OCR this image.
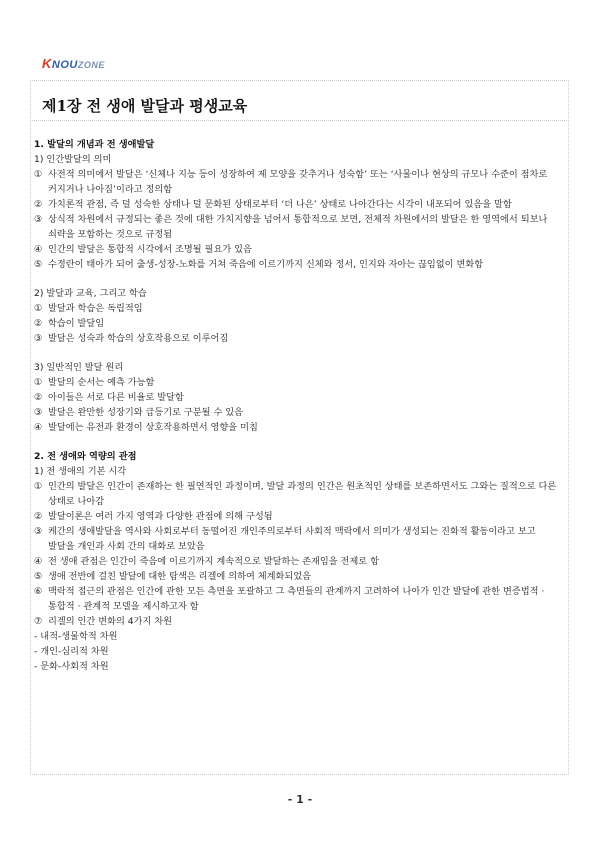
KNOUZONE
제1장 전 생애 발달과 평생교육
1. 발달의 개념과 전 생애발달
1) 인간발달의 의미
① 사전적 의미에서 발달은 ‘신체나 지능 등이 성장하여 제 모양을 갖추거나 성숙함’ 또는 ‘사물이나 현상의 규모나 수준이 점차로 커지거나 나아짐’이라고 정의함
② 가치론적 관점, 즉 덜 성숙한 상태나 덜 문화된 상태로부터 ‘더 나은’ 상태로 나아간다는 시각이 내포되어 있음을 말함
③ 상식적 차원에서 규정되는 좋은 것에 대한 가치지향을 넘어서 통합적으로 보면, 전체적 차원에서의 발달은 한 영역에서 퇴보나 쇠략을 포함하는 것으로 규정됨
④ 인간의 발달은 통합적 시각에서 조명될 필요가 있음
⑤ 수정란이 태아가 되어 출생-성장-노화를 거쳐 죽음에 이르기까지 신체와 정서, 인지와 자아는 끊임없이 변화함
2) 발달과 교육, 그리고 학습
① 발달과 학습은 독립적임
② 학습이 발달임
③ 발달은 성숙과 학습의 상호작용으로 이루어짐
3) 일반적인 발달 원리
① 발달의 순서는 예측 가능함
② 아이들은 서로 다른 비율로 발달함
③ 발달은 완만한 성장기와 급등기로 구분될 수 있음
④ 발달에는 유전과 환경이 상호작용하면서 영향을 미침
2. 전 생애와 역량의 관점
1) 전 생애의 기본 시각
① 인간의 발달은 인간이 존재하는 한 필연적인 과정이며, 발달 과정의 인간은 원초적인 상태를 보존하면서도 그와는 질적으로 다른 상태로 나아감
② 발달이론은 여러 가지 영역과 다양한 관점에 의해 구성됨
③ 케간의 생애발달을 역사와 사회로부터 동떨어진 개인주의로부터 사회적 맥락에서 의미가 생성되는 진화적 활동이라고 보고 발달을 개인과 사회 간의 대화로 보았음
④ 전 생애 관점은 인간이 죽음에 이르기까지 계속적으로 발달하는 존재임을 전제로 함
⑤ 생애 전반에 걸친 발달에 대한 탐색은 리겔에 의하여 체계화되었음
⑥ 맥락적 접근의 관점은 인간에 관한 모든 측면을 포괄하고 그 측면들의 관계까지 고려하여 나아가 인간 발달에 관한 변증법적 · 통합적 · 관계적 모델을 제시하고자 함
⑦ 리겔의 인간 변화의 4가지 차원
- 내적-생물학적 차원
- 개인-심리적 차원
- 문화-사회적 차원
- 1 -
